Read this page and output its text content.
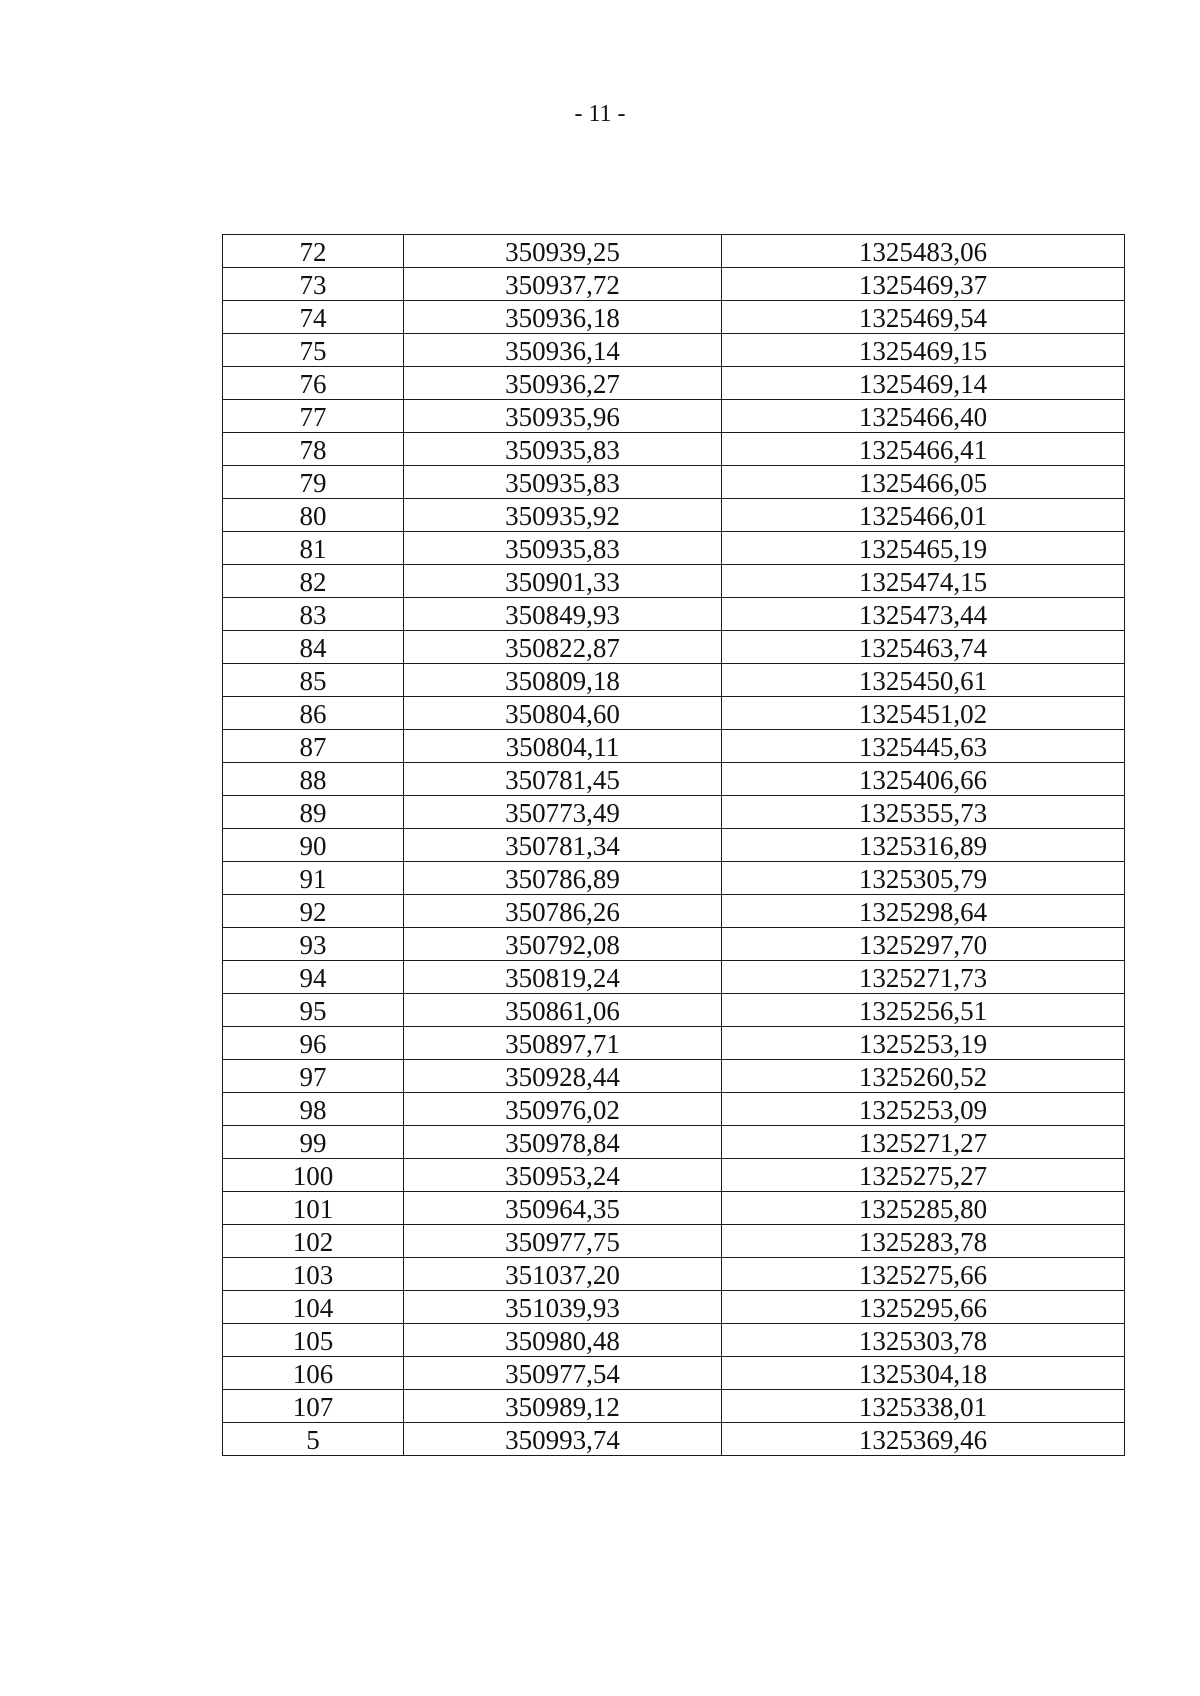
- 11 -
72	350939,25	1325483,06
73	350937,72	1325469,37
74	350936,18	1325469,54
75	350936,14	1325469,15
76	350936,27	1325469,14
77	350935,96	1325466,40
78	350935,83	1325466,41
79	350935,83	1325466,05
80	350935,92	1325466,01
81	350935,83	1325465,19
82	350901,33	1325474,15
83	350849,93	1325473,44
84	350822,87	1325463,74
85	350809,18	1325450,61
86	350804,60	1325451,02
87	350804,11	1325445,63
88	350781,45	1325406,66
89	350773,49	1325355,73
90	350781,34	1325316,89
91	350786,89	1325305,79
92	350786,26	1325298,64
93	350792,08	1325297,70
94	350819,24	1325271,73
95	350861,06	1325256,51
96	350897,71	1325253,19
97	350928,44	1325260,52
98	350976,02	1325253,09
99	350978,84	1325271,27
100	350953,24	1325275,27
101	350964,35	1325285,80
102	350977,75	1325283,78
103	351037,20	1325275,66
104	351039,93	1325295,66
105	350980,48	1325303,78
106	350977,54	1325304,18
107	350989,12	1325338,01
5	350993,74	1325369,46
